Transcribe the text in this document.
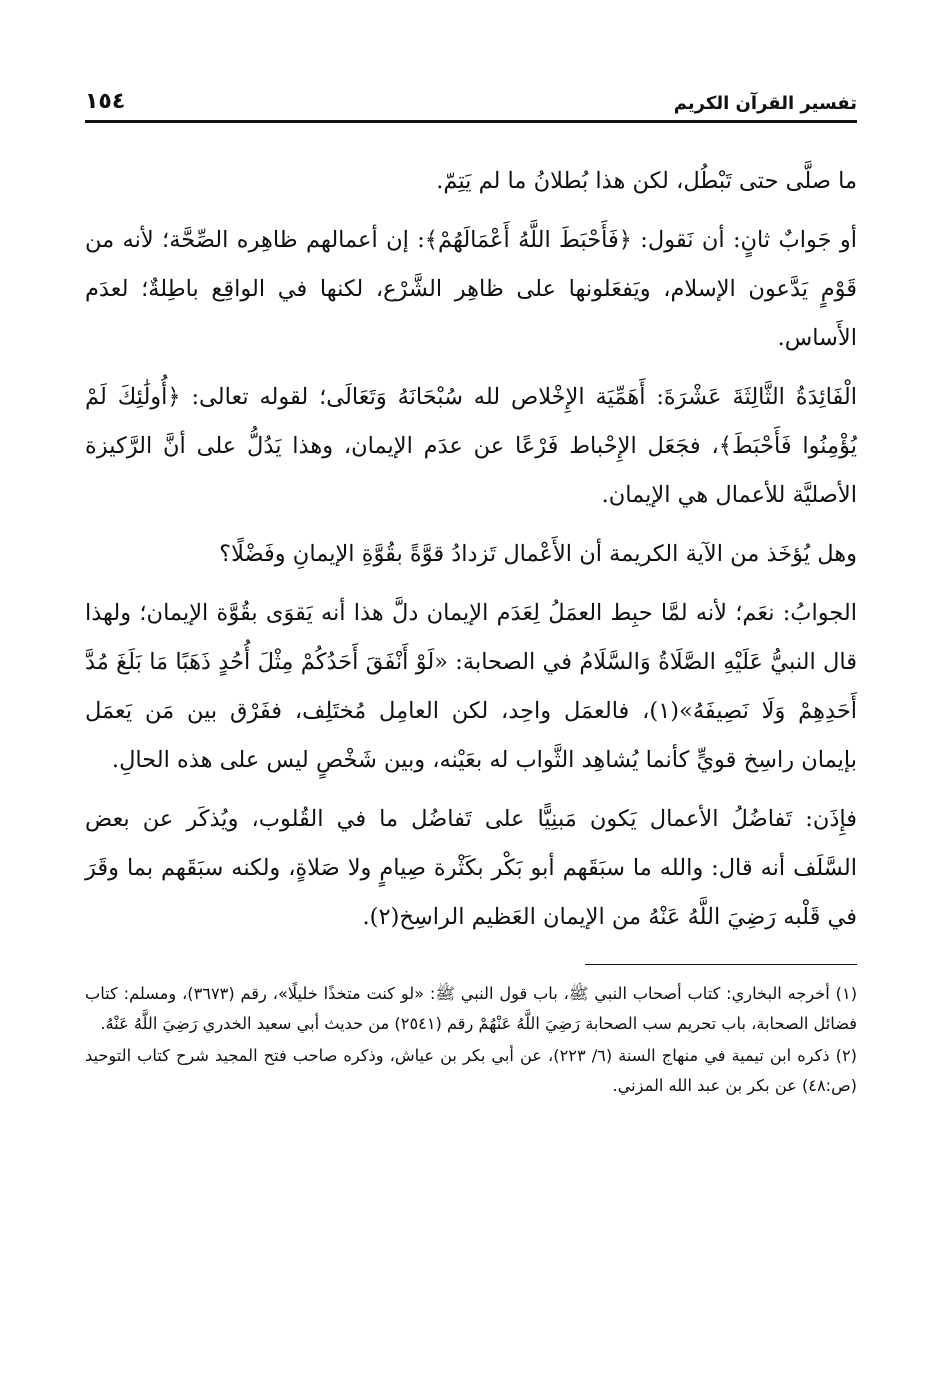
تفسير القرآن الكريم
١٥٤

ما صلَّى حتى تَبْطُل، لكن هذا بُطلانُ ما لم يَتِمّ.

أو جَوابٌ ثانٍ: أن نَقول: ﴿فَأَحْبَطَ اللَّهُ أَعْمَالَهُمْ﴾: إن أعمالهم ظاهِره الصِّحَّة؛ لأنه من قَوْمٍ يَدَّعون الإسلام، ويَفعَلونها على ظاهِر الشَّرْع، لكنها في الواقِع باطِلةٌ؛ لعدَم الأَساس.

الْفَائِدَةُ الثَّالِثَةَ عَشْرَةَ: أَهَمِّيَة الإِخْلاص لله سُبْحَانَهُ وَتَعَالَى؛ لقوله تعالى: ﴿أُولَٰئِكَ لَمْ يُؤْمِنُوا فَأَحْبَطَ﴾، فجَعَل الإِحْباط فَرْعًا عن عدَم الإيمان، وهذا يَدُلُّ على أنَّ الرَّكيزة الأصليَّة للأعمال هي الإيمان.

وهل يُؤخَذ من الآية الكريمة أن الأَعْمال تَزدادُ قوَّةً بقُوَّةِ الإيمانِ وفَضْلًا؟

الجوابُ: نعَم؛ لأنه لمَّا حبِط العمَلُ لِعَدَم الإيمان دلَّ هذا أنه يَقوَى بقُوَّة الإيمان؛ ولهذا قال النبيُّ عَلَيْهِ الصَّلَاةُ وَالسَّلَامُ في الصحابة: «لَوْ أَنْفَقَ أَحَدُكُمْ مِثْلَ أُحُدٍ ذَهَبًا مَا بَلَغَ مُدَّ أَحَدِهِمْ وَلَا نَصِيفَهُ»(١)، فالعمَل واحِد، لكن العامِل مُختَلِف، ففَرْق بين مَن يَعمَل بإيمان راسِخ قويٍّ كأنما يُشاهِد الثَّواب له بعَيْنه، وبين شَخْصٍ ليس على هذه الحالِ.

فإِذَن: تَفاضُلُ الأعمال يَكون مَبنِيًّا على تَفاضُل ما في القُلوب، ويُذكَر عن بعض السَّلَف أنه قال: والله ما سبَقَهم أبو بَكْر بكَثْرة صِيامٍ ولا صَلاةٍ، ولكنه سبَقَهم بما وقَرَ في قَلْبه رَضِيَ اللَّهُ عَنْهُ من الإيمان العَظيم الراسِخ(٢).

(١) أخرجه البخاري: كتاب أصحاب النبي ﷺ، باب قول النبي ﷺ: «لو كنت متخذًا خليلًا»، رقم (٣٦٧٣)، ومسلم: كتاب فضائل الصحابة، باب تحريم سب الصحابة رَضِيَ اللَّهُ عَنْهُمْ رقم (٢٥٤١) من حديث أبي سعيد الخدري رَضِيَ اللَّهُ عَنْهُ.

(٢) ذكره ابن تيمية في منهاج السنة (٦/ ٢٢٣)، عن أبي بكر بن عياش، وذكره صاحب فتح المجيد شرح كتاب التوحيد (ص:٤٨) عن بكر بن عبد الله المزني.
